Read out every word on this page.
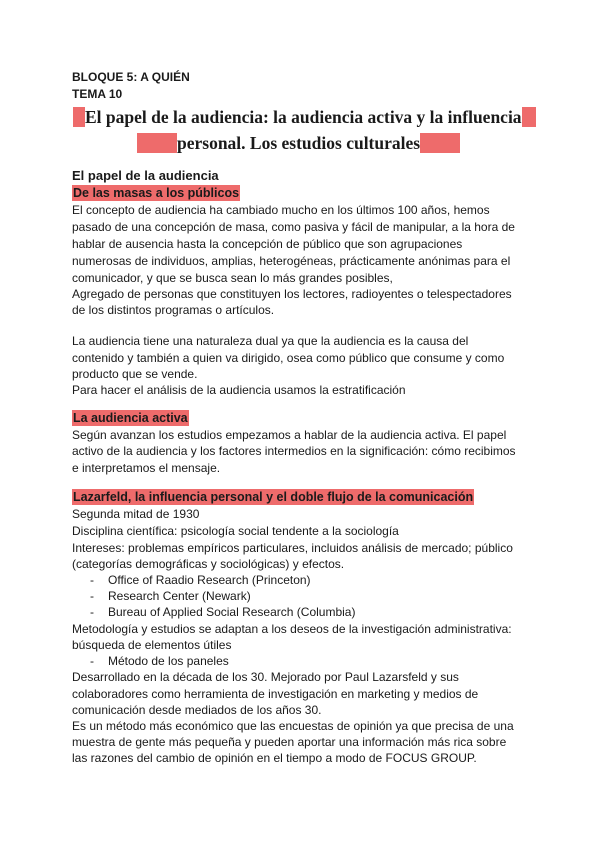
BLOQUE 5: A QUIÉN
TEMA 10
El papel de la audiencia: la audiencia activa y la influencia
personal. Los estudios culturales
El papel de la audiencia
De las masas a los públicos
El concepto de audiencia ha cambiado mucho en los últimos 100 años, hemos
pasado de una concepción de masa, como pasiva y fácil de manipular, a la hora de
hablar de ausencia hasta la concepción de público que son agrupaciones
numerosas de individuos, amplias, heterogéneas, prácticamente anónimas para el
comunicador, y que se busca sean lo más grandes posibles,
Agregado de personas que constituyen los lectores, radioyentes o telespectadores
de los distintos programas o artículos.
La audiencia tiene una naturaleza dual ya que la audiencia es la causa del
contenido y también a quien va dirigido, osea como público que consume y como
producto que se vende.
Para hacer el análisis de la audiencia usamos la estratificación
La audiencia activa
Según avanzan los estudios empezamos a hablar de la audiencia activa. El papel
activo de la audiencia y los factores intermedios en la significación: cómo recibimos
e interpretamos el mensaje.
Lazarfeld, la influencia personal y el doble flujo de la comunicación
Segunda mitad de 1930
Disciplina científica: psicología social tendente a la sociología
Intereses: problemas empíricos particulares, incluidos análisis de mercado; público
(categorías demográficas y sociológicas) y efectos.
- Office of Raadio Research (Princeton)
- Research Center (Newark)
- Bureau of Applied Social Research (Columbia)
Metodología y estudios se adaptan a los deseos de la investigación administrativa:
búsqueda de elementos útiles
- Método de los paneles
Desarrollado en la década de los 30. Mejorado por Paul Lazarsfeld y sus
colaboradores como herramienta de investigación en marketing y medios de
comunicación desde mediados de los años 30.
Es un método más económico que las encuestas de opinión ya que precisa de una
muestra de gente más pequeña y pueden aportar una información más rica sobre
las razones del cambio de opinión en el tiempo a modo de FOCUS GROUP.
